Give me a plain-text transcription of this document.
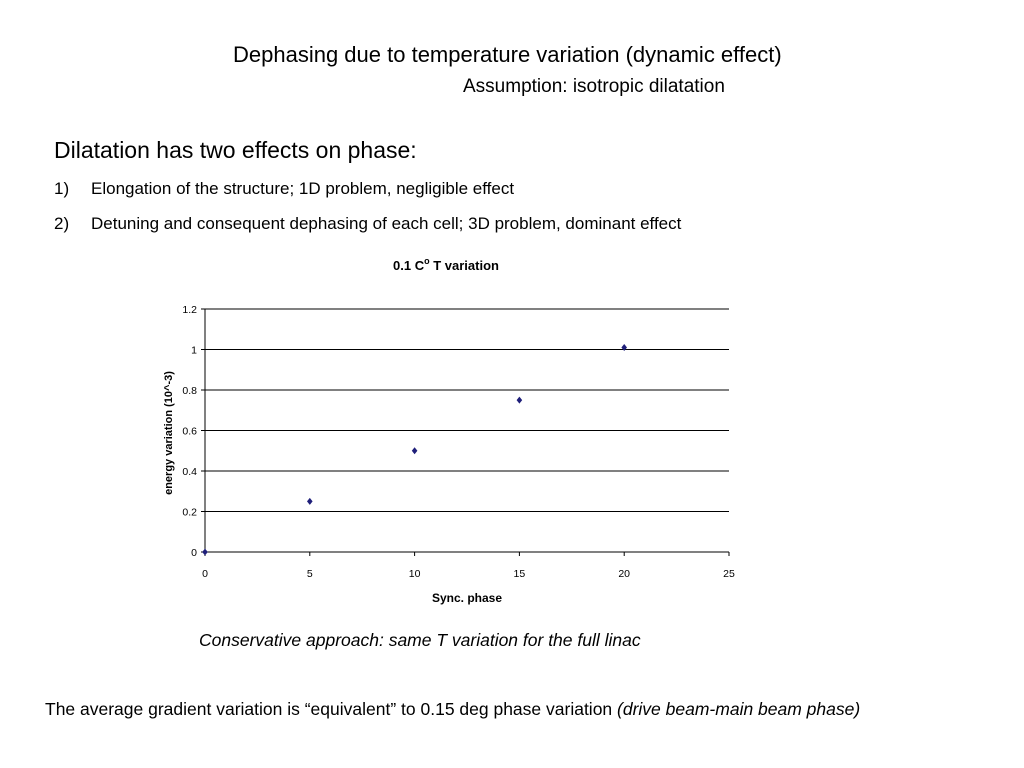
Dephasing due to temperature variation (dynamic effect)
Assumption: isotropic dilatation
Dilatation has two effects on phase:
1) Elongation of the structure; 1D problem, negligible effect
2) Detuning and consequent dephasing of each cell; 3D problem, dominant effect
0.1 $C^o$ T variation
0
0.2
0.4
0.6
0.8
1
1.2
0	5	10	15	20	25
Sync. phase
energy variation (10^-3)
Conservative approach: same T variation for the full linac
The average gradient variation is “equivalent” to 0.15 deg phase variation (drive beam-main beam phase)
